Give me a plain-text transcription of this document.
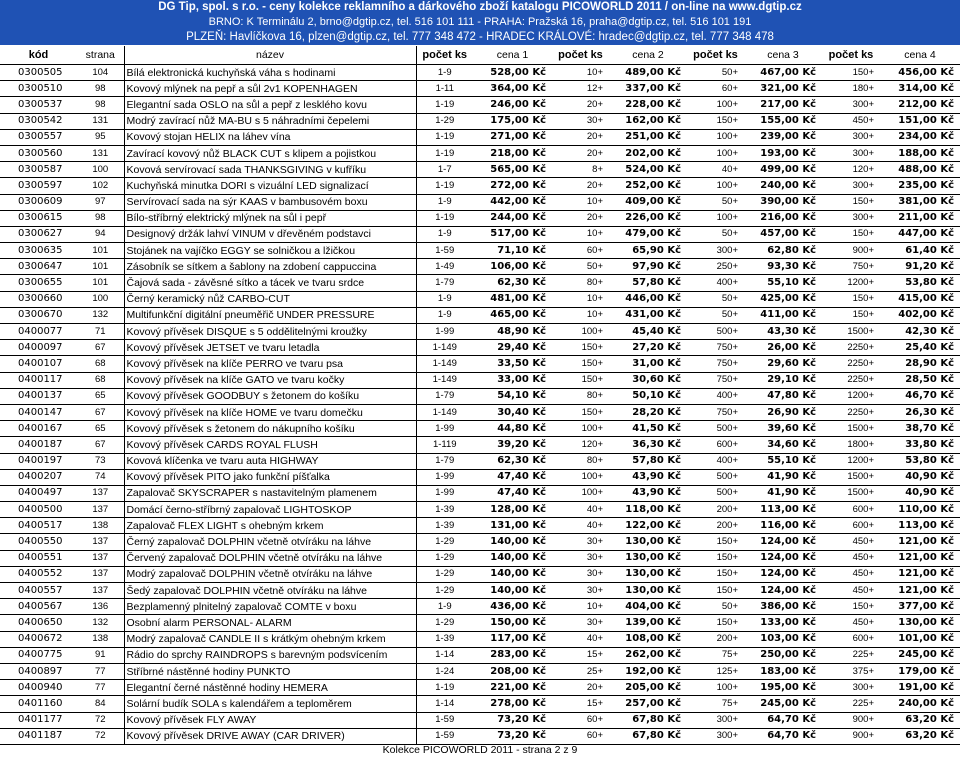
DG Tip, spol. s r.o. - ceny kolekce reklamního a dárkového zboží katalogu PICOWORLD 2011 / on-line na www.dgtip.cz
BRNO: K Terminálu 2, brno@dgtip.cz, tel. 516 101 111 - PRAHA: Pražská 16, praha@dgtip.cz, tel. 516 101 191
PLZEŇ: Havlíčkova 16, plzen@dgtip.cz, tel. 777 348 472 - HRADEC KRÁLOVÉ: hradec@dgtip.cz, tel. 777 348 478
kód	strana	název	počet ks	cena 1	počet ks	cena 2	počet ks	cena 3	počet ks	cena 4
0300505	104	Bílá elektronická kuchyňská váha s hodinami	1-9	528,00 Kč	10+	489,00 Kč	50+	467,00 Kč	150+	456,00 Kč
0300510	98	Kovový mlýnek na pepř a sůl 2v1 KOPENHAGEN	1-11	364,00 Kč	12+	337,00 Kč	60+	321,00 Kč	180+	314,00 Kč
0300537	98	Elegantní sada OSLO na sůl a pepř z lesklého kovu	1-19	246,00 Kč	20+	228,00 Kč	100+	217,00 Kč	300+	212,00 Kč
0300542	131	Modrý zavírací nůž MA-BU s 5 náhradními čepelemi	1-29	175,00 Kč	30+	162,00 Kč	150+	155,00 Kč	450+	151,00 Kč
0300557	95	Kovový stojan HELIX na láhev vína	1-19	271,00 Kč	20+	251,00 Kč	100+	239,00 Kč	300+	234,00 Kč
0300560	131	Zavírací kovový nůž BLACK CUT s klipem a pojistkou	1-19	218,00 Kč	20+	202,00 Kč	100+	193,00 Kč	300+	188,00 Kč
0300587	100	Kovová servírovací sada THANKSGIVING v kufříku	1-7	565,00 Kč	8+	524,00 Kč	40+	499,00 Kč	120+	488,00 Kč
0300597	102	Kuchyňská minutka DORI s vizuální LED signalizací	1-19	272,00 Kč	20+	252,00 Kč	100+	240,00 Kč	300+	235,00 Kč
0300609	97	Servírovací sada na sýr KAAS v bambusovém boxu	1-9	442,00 Kč	10+	409,00 Kč	50+	390,00 Kč	150+	381,00 Kč
0300615	98	Bílo-stříbrný elektrický mlýnek na sůl i pepř	1-19	244,00 Kč	20+	226,00 Kč	100+	216,00 Kč	300+	211,00 Kč
0300627	94	Designový držák lahví VINUM v dřevěném podstavci	1-9	517,00 Kč	10+	479,00 Kč	50+	457,00 Kč	150+	447,00 Kč
0300635	101	Stojánek na vajíčko EGGY se solničkou a lžičkou	1-59	71,10 Kč	60+	65,90 Kč	300+	62,80 Kč	900+	61,40 Kč
0300647	101	Zásobník se sítkem a šablony na zdobení cappuccina	1-49	106,00 Kč	50+	97,90 Kč	250+	93,30 Kč	750+	91,20 Kč
0300655	101	Čajová sada - závěsné sítko a tácek ve tvaru srdce	1-79	62,30 Kč	80+	57,80 Kč	400+	55,10 Kč	1200+	53,80 Kč
0300660	100	Černý keramický nůž CARBO-CUT	1-9	481,00 Kč	10+	446,00 Kč	50+	425,00 Kč	150+	415,00 Kč
0300670	132	Multifunkční digitální pneuměřič UNDER PRESSURE	1-9	465,00 Kč	10+	431,00 Kč	50+	411,00 Kč	150+	402,00 Kč
0400077	71	Kovový přívěsek DISQUE s 5 oddělitelnými kroužky	1-99	48,90 Kč	100+	45,40 Kč	500+	43,30 Kč	1500+	42,30 Kč
0400097	67	Kovový přívěsek JETSET ve tvaru letadla	1-149	29,40 Kč	150+	27,20 Kč	750+	26,00 Kč	2250+	25,40 Kč
0400107	68	Kovový přívěsek na klíče PERRO ve tvaru psa	1-149	33,50 Kč	150+	31,00 Kč	750+	29,60 Kč	2250+	28,90 Kč
0400117	68	Kovový přívěsek na klíče GATO ve tvaru kočky	1-149	33,00 Kč	150+	30,60 Kč	750+	29,10 Kč	2250+	28,50 Kč
0400137	65	Kovový přívěsek GOODBUY s žetonem do košíku	1-79	54,10 Kč	80+	50,10 Kč	400+	47,80 Kč	1200+	46,70 Kč
0400147	67	Kovový přívěsek na klíče HOME ve tvaru domečku	1-149	30,40 Kč	150+	28,20 Kč	750+	26,90 Kč	2250+	26,30 Kč
0400167	65	Kovový přívěsek s žetonem do nákupního košíku	1-99	44,80 Kč	100+	41,50 Kč	500+	39,60 Kč	1500+	38,70 Kč
0400187	67	Kovový přívěsek CARDS ROYAL FLUSH	1-119	39,20 Kč	120+	36,30 Kč	600+	34,60 Kč	1800+	33,80 Kč
0400197	73	Kovová klíčenka ve tvaru auta HIGHWAY	1-79	62,30 Kč	80+	57,80 Kč	400+	55,10 Kč	1200+	53,80 Kč
0400207	74	Kovový přívěsek PITO jako funkční píšťalka	1-99	47,40 Kč	100+	43,90 Kč	500+	41,90 Kč	1500+	40,90 Kč
0400497	137	Zapalovač SKYSCRAPER s nastavitelným plamenem	1-99	47,40 Kč	100+	43,90 Kč	500+	41,90 Kč	1500+	40,90 Kč
0400500	137	Domácí černo-stříbrný zapalovač LIGHTOSKOP	1-39	128,00 Kč	40+	118,00 Kč	200+	113,00 Kč	600+	110,00 Kč
0400517	138	Zapalovač FLEX LIGHT s ohebným krkem	1-39	131,00 Kč	40+	122,00 Kč	200+	116,00 Kč	600+	113,00 Kč
0400550	137	Černý zapalovač DOLPHIN včetně otvíráku na láhve	1-29	140,00 Kč	30+	130,00 Kč	150+	124,00 Kč	450+	121,00 Kč
0400551	137	Červený zapalovač DOLPHIN včetně otvíráku na láhve	1-29	140,00 Kč	30+	130,00 Kč	150+	124,00 Kč	450+	121,00 Kč
0400552	137	Modrý zapalovač DOLPHIN včetně otvíráku na láhve	1-29	140,00 Kč	30+	130,00 Kč	150+	124,00 Kč	450+	121,00 Kč
0400557	137	Šedý zapalovač DOLPHIN včetně otvíráku na láhve	1-29	140,00 Kč	30+	130,00 Kč	150+	124,00 Kč	450+	121,00 Kč
0400567	136	Bezplamenný plnitelný zapalovač COMTE v boxu	1-9	436,00 Kč	10+	404,00 Kč	50+	386,00 Kč	150+	377,00 Kč
0400650	132	Osobní alarm PERSONAL- ALARM	1-29	150,00 Kč	30+	139,00 Kč	150+	133,00 Kč	450+	130,00 Kč
0400672	138	Modrý zapalovač CANDLE II s krátkým ohebným krkem	1-39	117,00 Kč	40+	108,00 Kč	200+	103,00 Kč	600+	101,00 Kč
0400775	91	Rádio do sprchy RAINDROPS s barevným podsvícením	1-14	283,00 Kč	15+	262,00 Kč	75+	250,00 Kč	225+	245,00 Kč
0400897	77	Stříbrné nástěnné hodiny PUNKTO	1-24	208,00 Kč	25+	192,00 Kč	125+	183,00 Kč	375+	179,00 Kč
0400940	77	Elegantní černé nástěnné hodiny HEMERA	1-19	221,00 Kč	20+	205,00 Kč	100+	195,00 Kč	300+	191,00 Kč
0401160	84	Solární budík SOLA s kalendářem a teploměrem	1-14	278,00 Kč	15+	257,00 Kč	75+	245,00 Kč	225+	240,00 Kč
0401177	72	Kovový přívěsek FLY AWAY	1-59	73,20 Kč	60+	67,80 Kč	300+	64,70 Kč	900+	63,20 Kč
0401187	72	Kovový přívěsek DRIVE AWAY (CAR DRIVER)	1-59	73,20 Kč	60+	67,80 Kč	300+	64,70 Kč	900+	63,20 Kč
Kolekce PICOWORLD 2011 - strana 2 z 9
